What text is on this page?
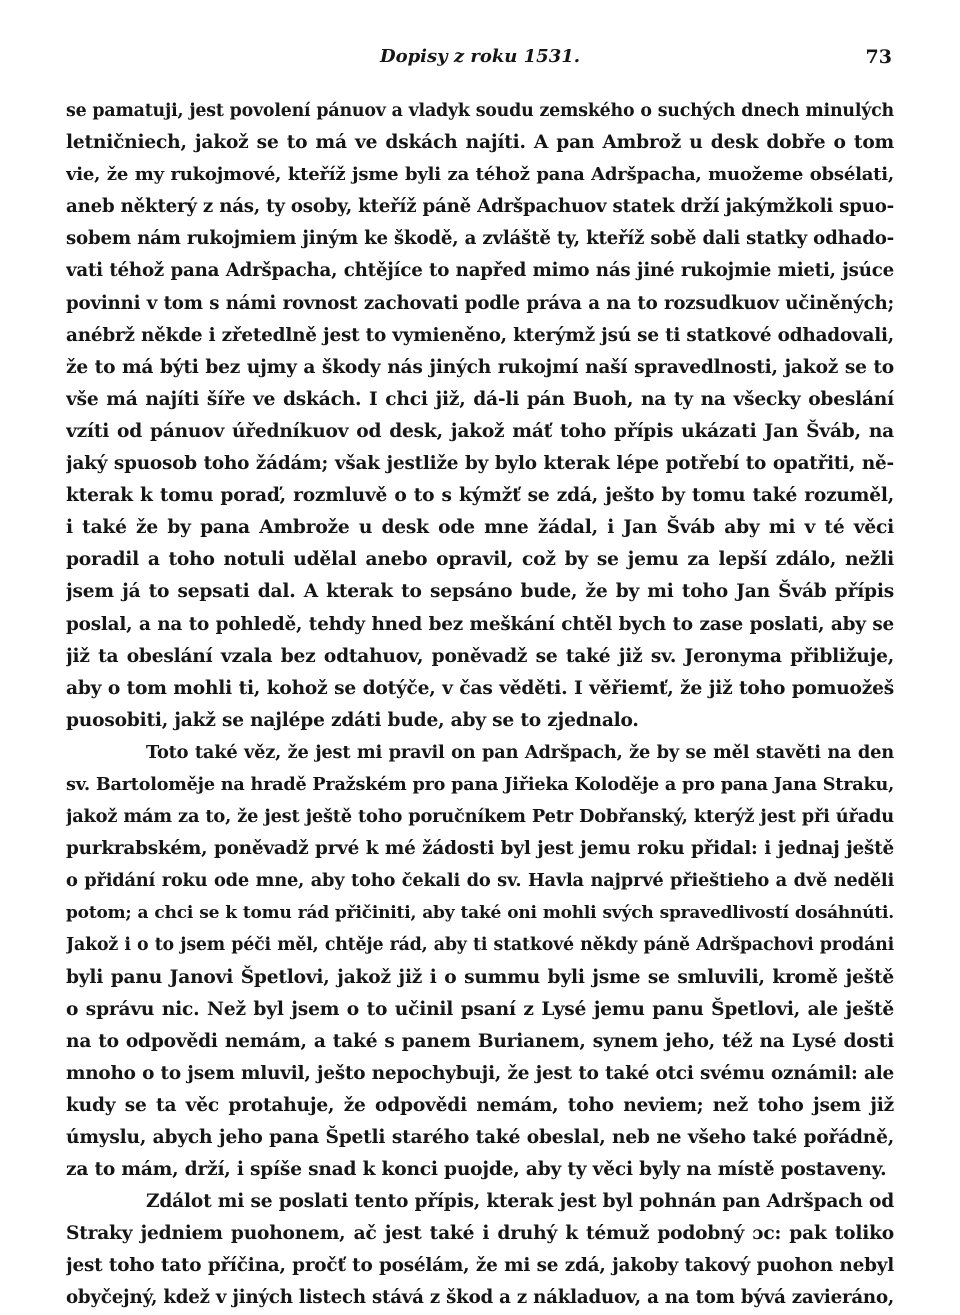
Dopisy z roku 1531.	73
se pamatuji, jest povolení pánuov a vladyk soudu zemského o suchých dnech minulých
letničniech, jakož se to má ve dskách najíti. A pan Ambrož u desk dobře o tom
vie, že my rukojmové, kteříž jsme byli za téhož pana Adršpacha, muožeme obsélati,
aneb některý z nás, ty osoby, kteříž páně Adršpachuov statek drží jakýmžkoli spuo-
sobem nám rukojmiem jiným ke škodě, a zvláště ty, kteříž sobě dali statky odhado-
vati téhož pana Adršpacha, chtějíce to napřed mimo nás jiné rukojmie mieti, jsúce
povinni v tom s námi rovnost zachovati podle práva a na to rozsudkuov učiněných;
anébrž někde i zřetedlně jest to vymieněno, kterýmž jsú se ti statkové odhadovali,
že to má býti bez ujmy a škody nás jiných rukojmí naší spravedlnosti, jakož se to
vše má najíti šíře ve dskách. I chci již, dá-li pán Buoh, na ty na všecky obeslání
vzíti od pánuov úředníkuov od desk, jakož máť toho přípis ukázati Jan Šváb, na
jaký spuosob toho žádám; však jestliže by bylo kterak lépe potřebí to opatřiti, ně-
kterak k tomu poraď, rozmluvě o to s kýmžť se zdá, ješto by tomu také rozuměl,
i také že by pana Ambrože u desk ode mne žádal, i Jan Šváb aby mi v té věci
poradil a toho notuli udělal anebo opravil, což by se jemu za lepší zdálo, nežli
jsem já to sepsati dal. A kterak to sepsáno bude, že by mi toho Jan Šváb přípis
poslal, a na to pohledě, tehdy hned bez meškání chtěl bych to zase poslati, aby se
již ta obeslání vzala bez odtahuov, poněvadž se také již sv. Jeronyma přibližuje,
aby o tom mohli ti, kohož se dotýče, v čas věděti. I věřiemť, že již toho pomuožeš
puosobiti, jakž se najlépe zdáti bude, aby se to zjednalo.
Toto také věz, že jest mi pravil on pan Adršpach, že by se měl stavěti na den
sv. Bartoloměje na hradě Pražském pro pana Jiřieka Koloděje a pro pana Jana Straku,
jakož mám za to, že jest ještě toho poručníkem Petr Dobřanský, kterýž jest při úřadu
purkrabském, poněvadž prvé k mé žádosti byl jest jemu roku přidal: i jednaj ještě
o přidání roku ode mne, aby toho čekali do sv. Havla najprvé přieštieho a dvě neděli
potom; a chci se k tomu rád přičiniti, aby také oni mohli svých spravedlivostí dosáhnúti.
Jakož i o to jsem péči měl, chtěje rád, aby ti statkové někdy páně Adršpachovi prodáni
byli panu Janovi Špetlovi, jakož již i o summu byli jsme se smluvili, kromě ještě
o správu nic. Než byl jsem o to učinil psaní z Lysé jemu panu Špetlovi, ale ještě
na to odpovědi nemám, a také s panem Burianem, synem jeho, též na Lysé dosti
mnoho o to jsem mluvil, ješto nepochybuji, že jest to také otci svému oznámil: ale
kudy se ta věc protahuje, že odpovědi nemám, toho neviem; než toho jsem již
úmyslu, abych jeho pana Špetli starého také obeslal, neb ne všeho také pořádně,
za to mám, drží, i spíše snad k konci puojde, aby ty věci byly na místě postaveny.
Zdálot mi se poslati tento přípis, kterak jest byl pohnán pan Adršpach od
Straky jedniem puohonem, ač jest také i druhý k témuž podobný ɔc: pak toliko
jest toho tato příčina, pročť to posélám, že mi se zdá, jakoby takový puohon nebyl
obyčejný, kdež v jiných listech stává z škod a z nákladuov, a na tom bývá zavieráno,
